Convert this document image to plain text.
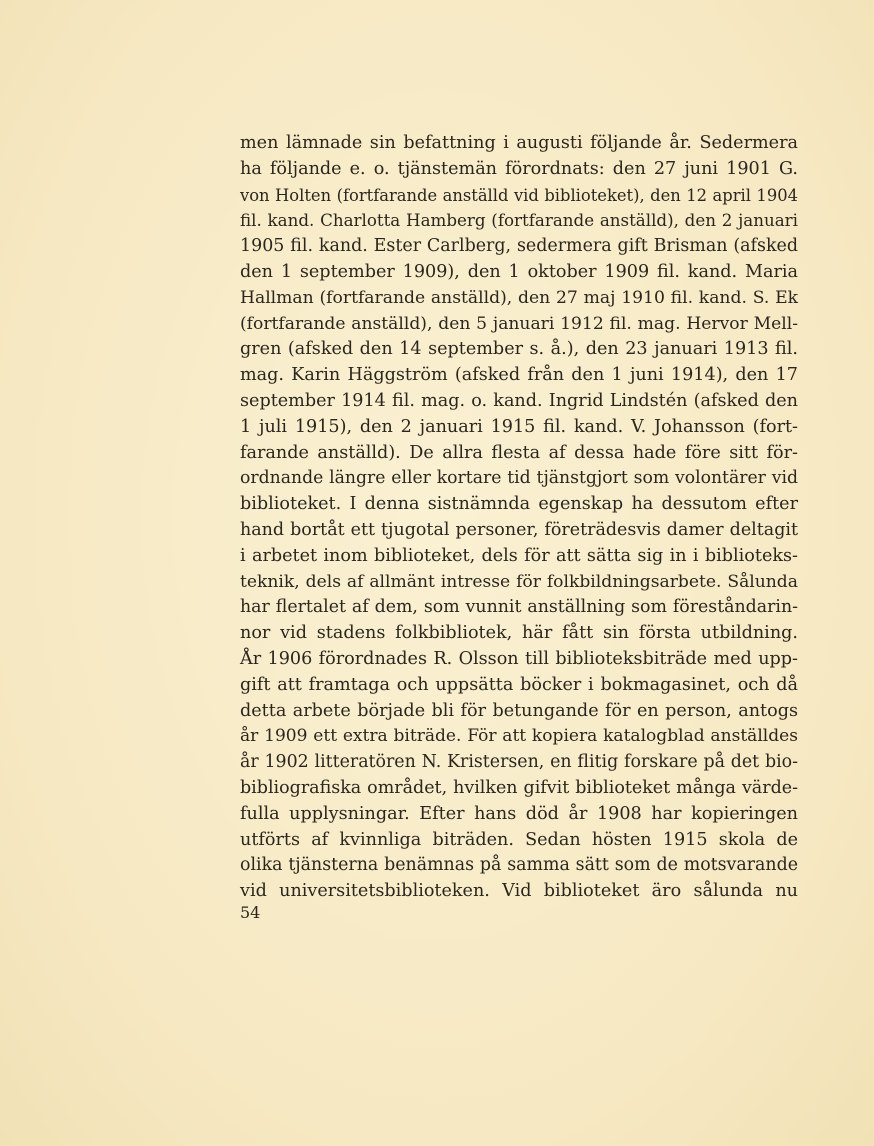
men lämnade sin befattning i augusti följande år. Sedermera
ha följande e. o. tjänstemän förordnats: den 27 juni 1901 G.
von Holten (fortfarande anställd vid biblioteket), den 12 april 1904
fil. kand. Charlotta Hamberg (fortfarande anställd), den 2 januari
1905 fil. kand. Ester Carlberg, sedermera gift Brisman (afsked
den 1 september 1909), den 1 oktober 1909 fil. kand. Maria
Hallman (fortfarande anställd), den 27 maj 1910 fil. kand. S. Ek
(fortfarande anställd), den 5 januari 1912 fil. mag. Hervor Mell-
gren (afsked den 14 september s. å.), den 23 januari 1913 fil.
mag. Karin Häggström (afsked från den 1 juni 1914), den 17
september 1914 fil. mag. o. kand. Ingrid Lindstén (afsked den
1 juli 1915), den 2 januari 1915 fil. kand. V. Johansson (fort-
farande anställd). De allra flesta af dessa hade före sitt för-
ordnande längre eller kortare tid tjänstgjort som volontärer vid
biblioteket. I denna sistnämnda egenskap ha dessutom efter
hand bortåt ett tjugotal personer, företrädesvis damer deltagit
i arbetet inom biblioteket, dels för att sätta sig in i biblioteks-
teknik, dels af allmänt intresse för folkbildningsarbete. Sålunda
har flertalet af dem, som vunnit anställning som föreståndarin-
nor vid stadens folkbibliotek, här fått sin första utbildning.
År 1906 förordnades R. Olsson till biblioteksbiträde med upp-
gift att framtaga och uppsätta böcker i bokmagasinet, och då
detta arbete började bli för betungande för en person, antogs
år 1909 ett extra biträde. För att kopiera katalogblad anställdes
år 1902 litteratören N. Kristersen, en flitig forskare på det bio-
bibliografiska området, hvilken gifvit biblioteket många värde-
fulla upplysningar. Efter hans död år 1908 har kopieringen
utförts af kvinnliga biträden. Sedan hösten 1915 skola de
olika tjänsterna benämnas på samma sätt som de motsvarande
vid universitetsbiblioteken. Vid biblioteket äro sålunda nu
54
